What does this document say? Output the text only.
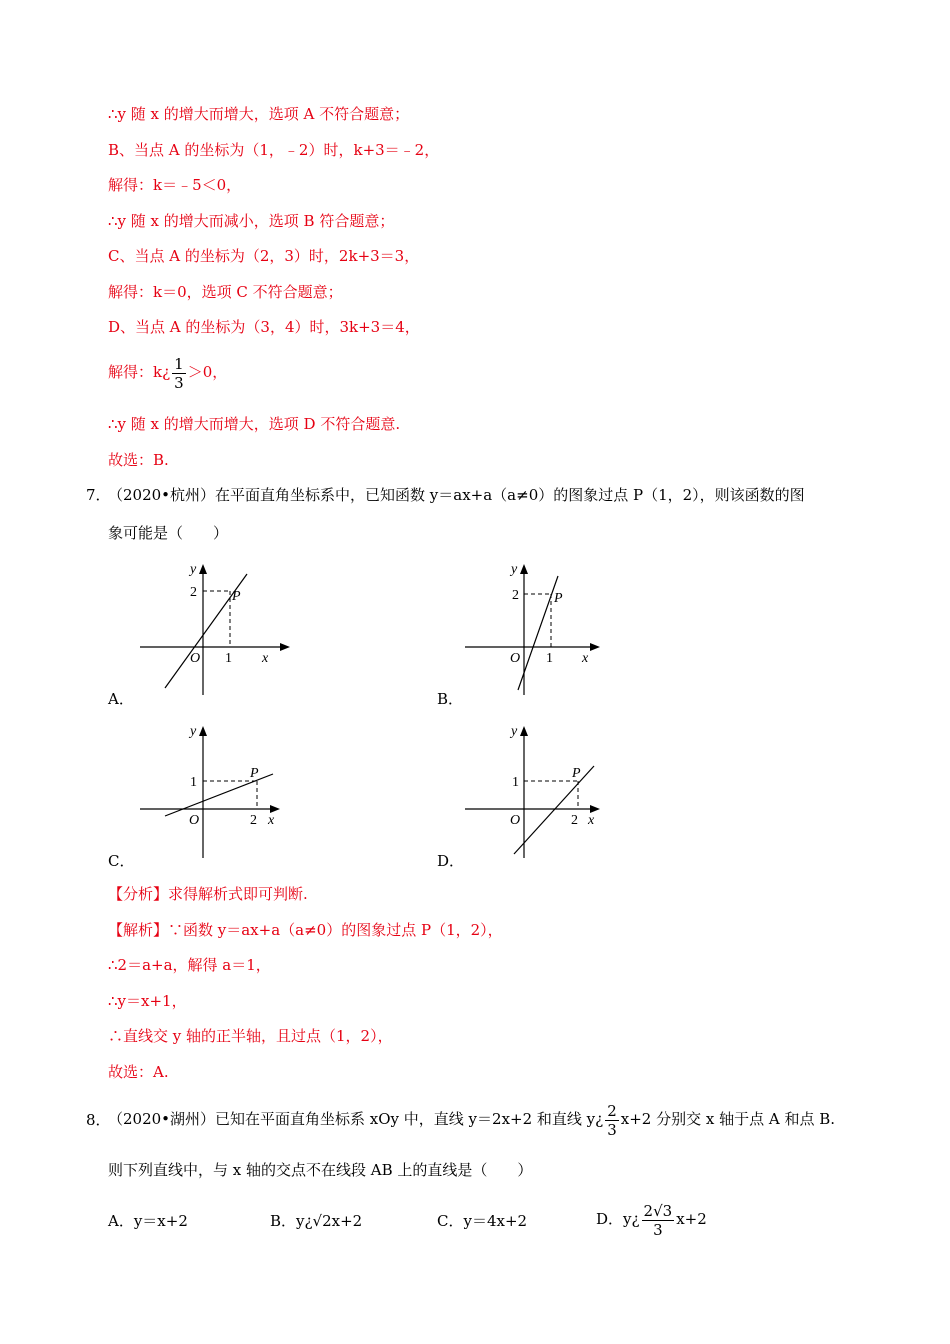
∴y 随 x 的增大而增大，选项 A 不符合题意；
B、当点 A 的坐标为（1，﹣2）时，k+3＝﹣2，
解得：k＝﹣5＜0，
∴y 随 x 的增大而减小，选项 B 符合题意；
C、当点 A 的坐标为（2，3）时，2k+3＝3，
解得：k＝0，选项 C 不符合题意；
D、当点 A 的坐标为（3，4）时，3k+3＝4，
解得：k¿ $\frac{1}{3} >0$，
∴y 随 x 的增大而增大，选项 D 不符合题意.
故选：B.
7．
（2020•杭州）在平面直角坐标系中，已知函数 y＝ax+a（a≠0）的图象过点 P（1，2），则该函数的图
象可能是（　　）
y
x
O
2
1
P
A．
y
x
O
2
1
P
B．
y
x
O
1
2
P
C．
y
x
O
1
2
P
D．
【分析】求得解析式即可判断.
【解析】∵函数 y＝ax+a（a≠0）的图象过点 P（1，2），
∴2＝a+a，解得 a＝1，
∴y＝x+1，
∴直线交 y 轴的正半轴，且过点（1，2），
故选：A.
8．
（2020•湖州）已知在平面直角坐标系 xOy 中，直线 y＝2x+2 和直线 y¿ $\frac{2}{3} x+2$ 分别交 x 轴于点 A 和点 B.
则下列直线中，与 x 轴的交点不在线段 AB 上的直线是（　　）
A．y＝x+2	B．y¿√2x+2	C．y＝4x+2	D．y¿ $\frac{2√3}{3} x+2$
